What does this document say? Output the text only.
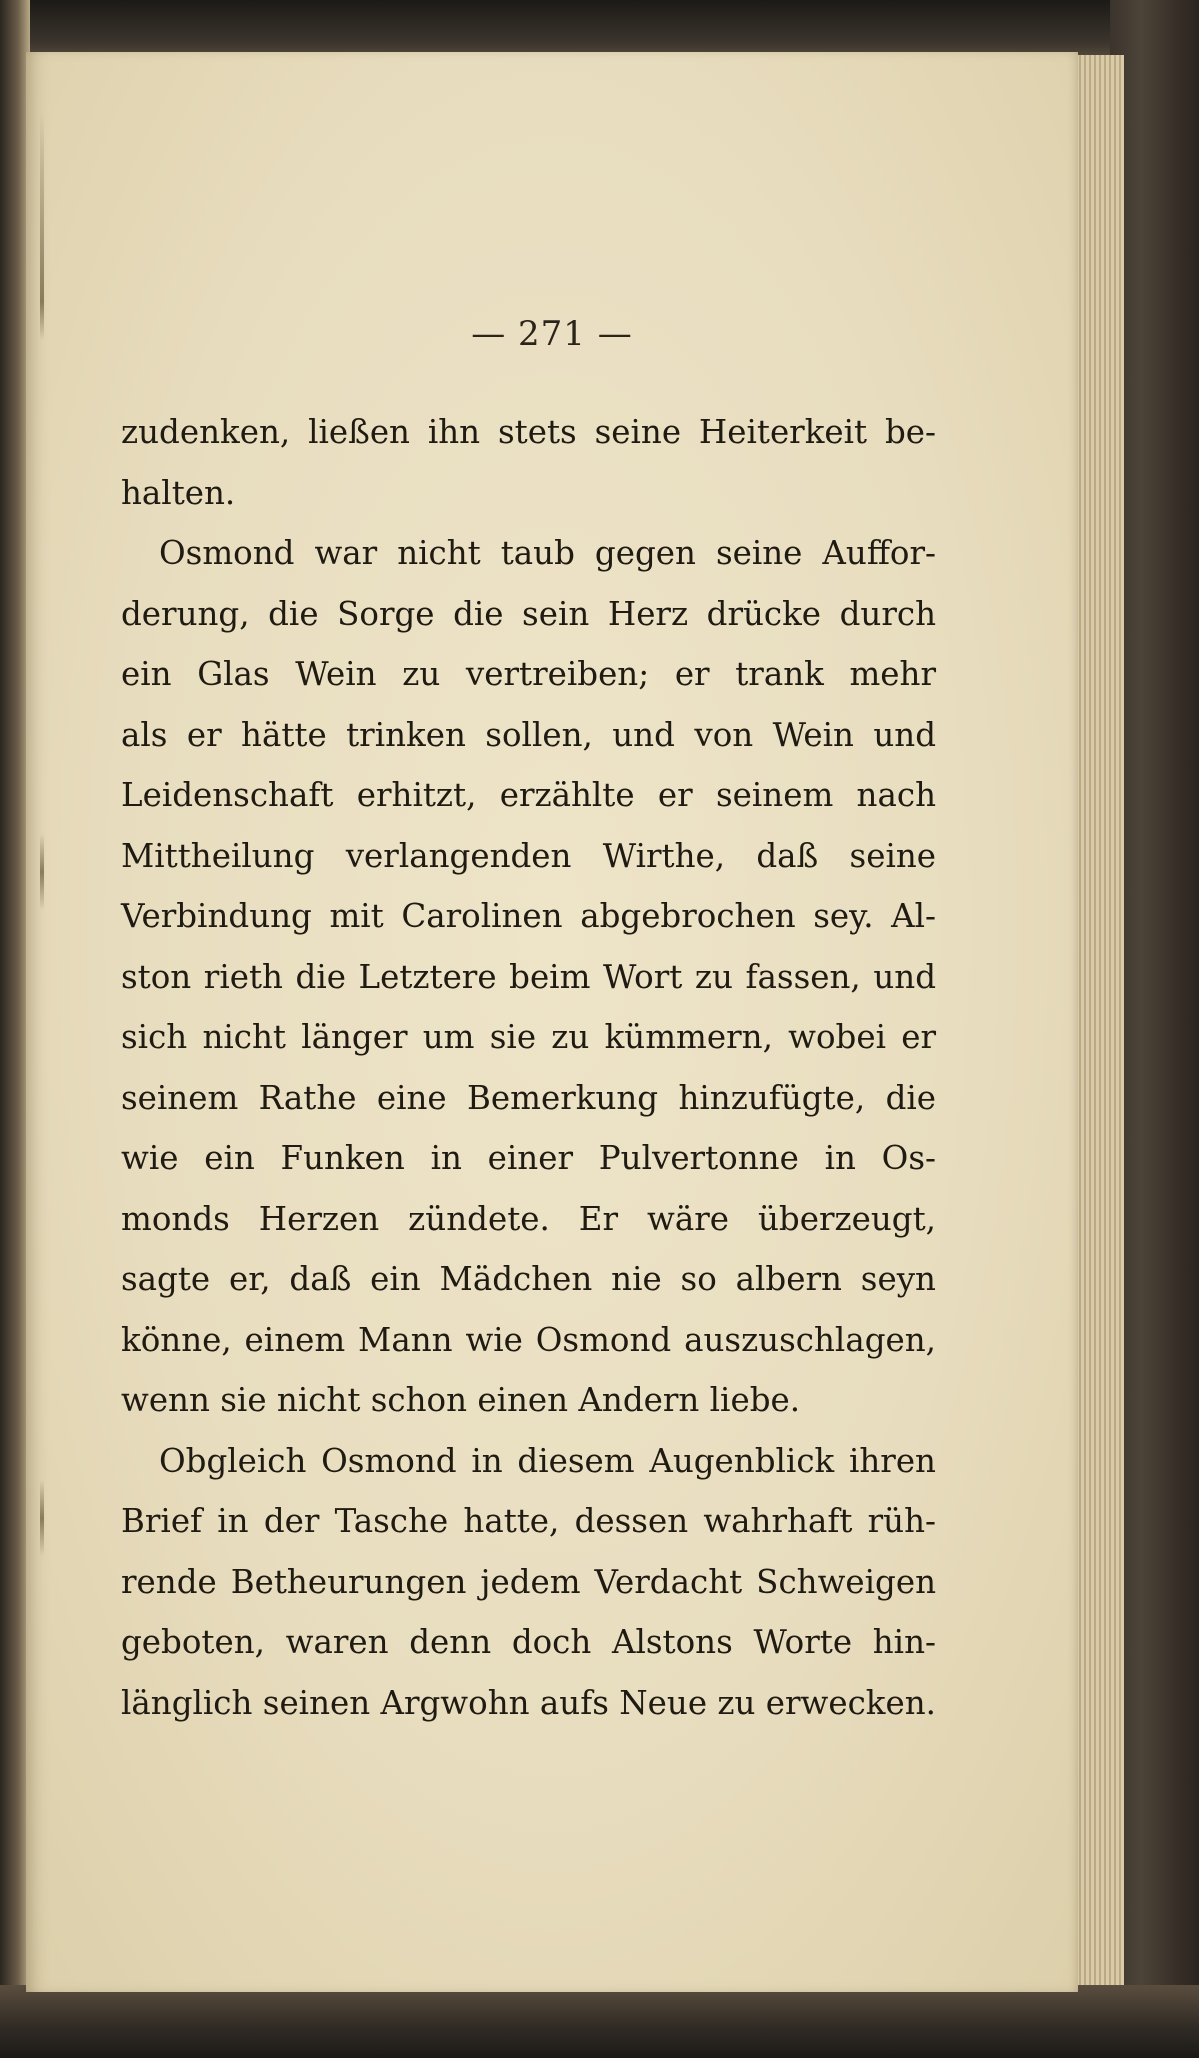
— 271 —
zudenken, ließen ihn stets seine Heiterkeit be-
halten.
Osmond war nicht taub gegen seine Auffor-
derung, die Sorge die sein Herz drücke durch
ein Glas Wein zu vertreiben; er trank mehr
als er hätte trinken sollen, und von Wein und
Leidenschaft erhitzt, erzählte er seinem nach
Mittheilung verlangenden Wirthe, daß seine
Verbindung mit Carolinen abgebrochen sey. Al-
ston rieth die Letztere beim Wort zu fassen, und
sich nicht länger um sie zu kümmern, wobei er
seinem Rathe eine Bemerkung hinzufügte, die
wie ein Funken in einer Pulvertonne in Os-
monds Herzen zündete. Er wäre überzeugt,
sagte er, daß ein Mädchen nie so albern seyn
könne, einem Mann wie Osmond auszuschlagen,
wenn sie nicht schon einen Andern liebe.
Obgleich Osmond in diesem Augenblick ihren
Brief in der Tasche hatte, dessen wahrhaft rüh-
rende Betheurungen jedem Verdacht Schweigen
geboten, waren denn doch Alstons Worte hin-
länglich seinen Argwohn aufs Neue zu erwecken.
